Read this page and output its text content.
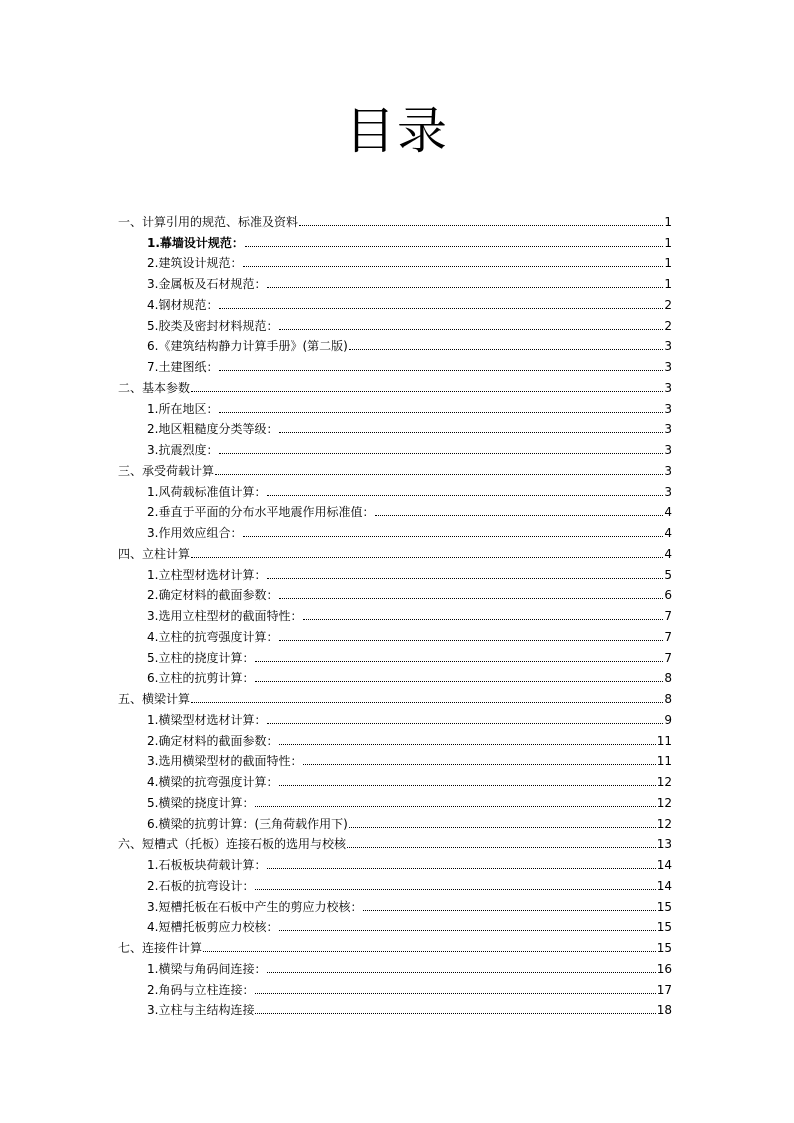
目录
一、计算引用的规范、标准及资料	1
1.幕墙设计规范：	1
2.建筑设计规范：	1
3.金属板及石材规范：	1
4.钢材规范：	2
5.胶类及密封材料规范：	2
6.《建筑结构静力计算手册》(第二版)	3
7.土建图纸：	3
二、基本参数	3
1.所在地区：	3
2.地区粗糙度分类等级：	3
3.抗震烈度：	3
三、承受荷载计算	3
1.风荷载标准值计算：	3
2.垂直于平面的分布水平地震作用标准值：	4
3.作用效应组合：	4
四、立柱计算	4
1.立柱型材选材计算：	5
2.确定材料的截面参数：	6
3.选用立柱型材的截面特性：	7
4.立柱的抗弯强度计算：	7
5.立柱的挠度计算：	7
6.立柱的抗剪计算：	8
五、横梁计算	8
1.横梁型材选材计算：	9
2.确定材料的截面参数：	11
3.选用横梁型材的截面特性：	11
4.横梁的抗弯强度计算：	12
5.横梁的挠度计算：	12
6.横梁的抗剪计算：(三角荷载作用下)	12
六、短槽式（托板）连接石板的选用与校核	13
1.石板板块荷载计算：	14
2.石板的抗弯设计：	14
3.短槽托板在石板中产生的剪应力校核：	15
4.短槽托板剪应力校核：	15
七、连接件计算	15
1.横梁与角码间连接：	16
2.角码与立柱连接：	17
3.立柱与主结构连接	18
